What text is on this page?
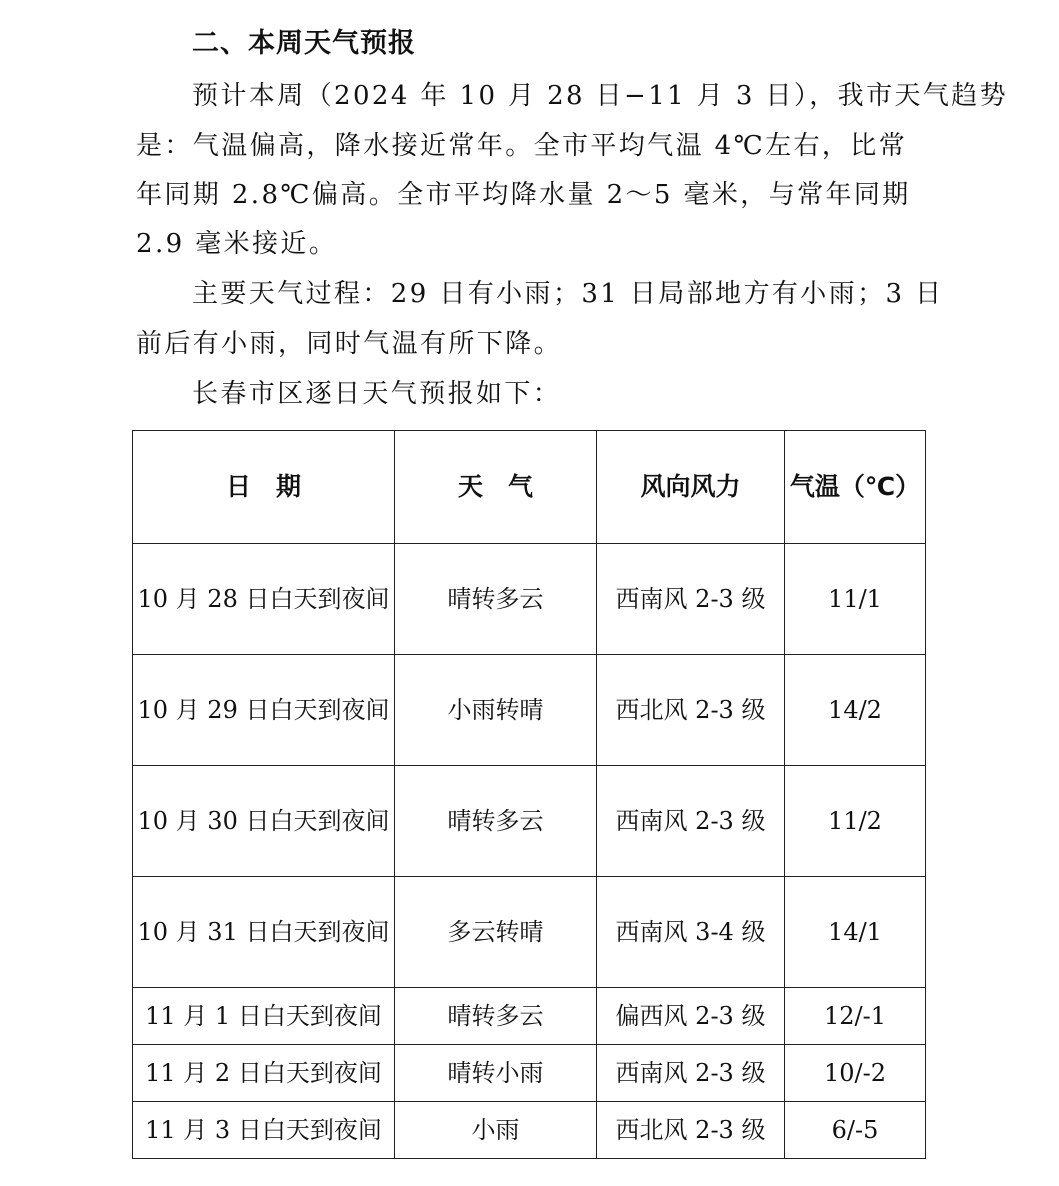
二、本周天气预报
预计本周（2024 年 10 月 28 日−11 月 3 日），我市天气趋势
是：气温偏高，降水接近常年。全市平均气温 4℃左右，比常
年同期 2.8℃偏高。全市平均降水量 2～5 毫米，与常年同期
2.9 毫米接近。
主要天气过程：29 日有小雨；31 日局部地方有小雨；3 日
前后有小雨，同时气温有所下降。
长春市区逐日天气预报如下：
日　期	天　气	风向风力	气温（℃）
10 月 28 日白天到夜间	晴转多云	西南风 2-3 级	11/1
10 月 29 日白天到夜间	小雨转晴	西北风 2-3 级	14/2
10 月 30 日白天到夜间	晴转多云	西南风 2-3 级	11/2
10 月 31 日白天到夜间	多云转晴	西南风 3-4 级	14/1
11 月 1 日白天到夜间	晴转多云	偏西风 2-3 级	12/-1
11 月 2 日白天到夜间	晴转小雨	西南风 2-3 级	10/-2
11 月 3 日白天到夜间	小雨	西北风 2-3 级	6/-5
